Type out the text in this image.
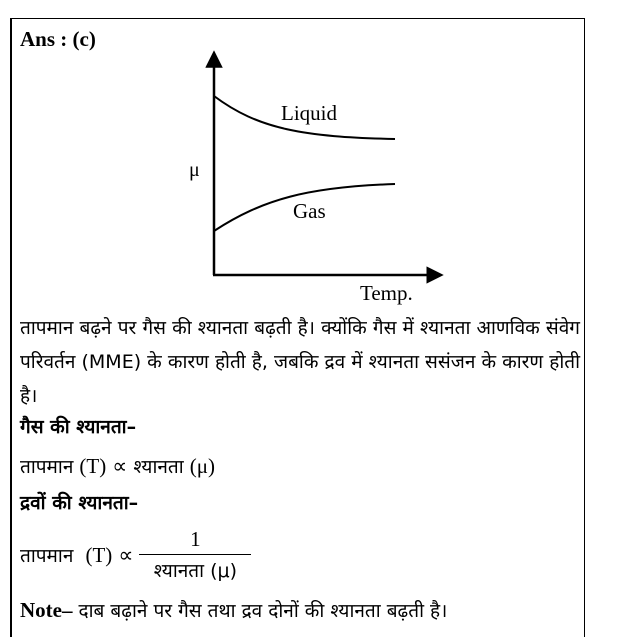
Ans : (c)
μ
Temp.
Liquid
Gas
तापमान बढ़ने पर गैस की श्यानता बढ़ती है। क्योंकि गैस में श्यानता आणविक संवेग परिवर्तन (MME) के कारण होती है, जबकि द्रव में श्यानता ससंजन के कारण होती है।
गैस की श्यानता–
तापमान
(T)
∝
श्यानता
(μ)
द्रवों की श्यानता–
तापमान
(T)
∝ $\frac{1}{\text{श्यानता (μ)}}$
Note– दाब बढ़ाने पर गैस तथा द्रव दोनों की श्यानता बढ़ती है।
